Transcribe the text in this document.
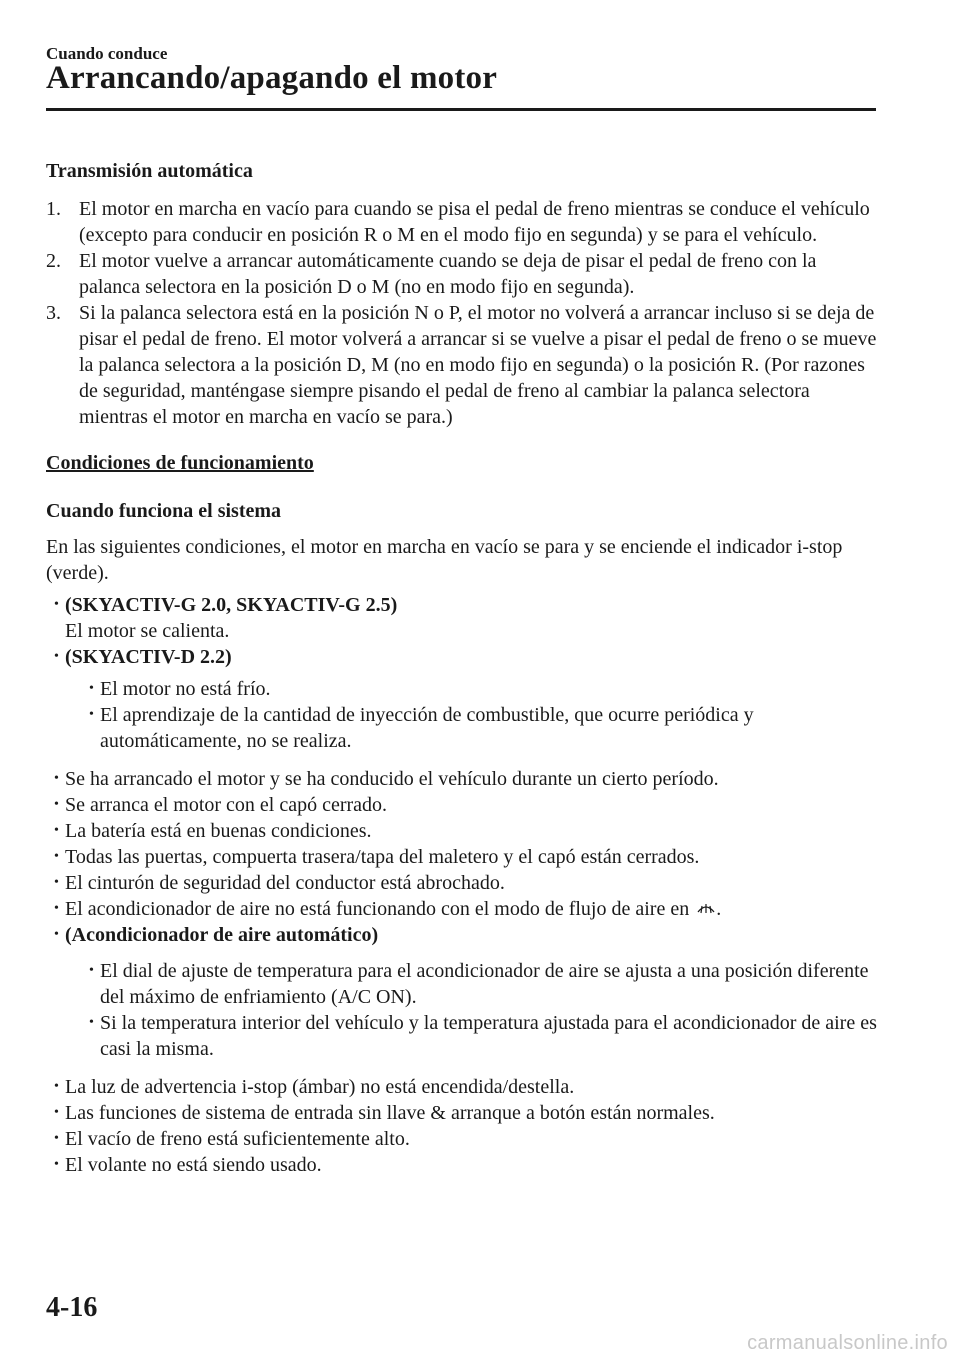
Cuando conduce
Arrancando/apagando el motor
Transmisión automática
1. El motor en marcha en vacío para cuando se pisa el pedal de freno mientras se conduce el vehículo (excepto para conducir en posición R o M en el modo fijo en segunda) y se para el vehículo.
2. El motor vuelve a arrancar automáticamente cuando se deja de pisar el pedal de freno con la palanca selectora en la posición D o M (no en modo fijo en segunda).
3. Si la palanca selectora está en la posición N o P, el motor no volverá a arrancar incluso si se deja de pisar el pedal de freno. El motor volverá a arrancar si se vuelve a pisar el pedal de freno o se mueve la palanca selectora a la posición D, M (no en modo fijo en segunda) o la posición R. (Por razones de seguridad, manténgase siempre pisando el pedal de freno al cambiar la palanca selectora mientras el motor en marcha en vacío se para.)
Condiciones de funcionamiento
Cuando funciona el sistema

En las siguientes condiciones, el motor en marcha en vacío se para y se enciende el indicador i-stop (verde).

• (SKYACTIV-G 2.0, SKYACTIV-G 2.5)
El motor se calienta.
• (SKYACTIV-D 2.2)
• El motor no está frío.
• El aprendizaje de la cantidad de inyección de combustible, que ocurre periódica y automáticamente, no se realiza.
• Se ha arrancado el motor y se ha conducido el vehículo durante un cierto período.
• Se arranca el motor con el capó cerrado.
• La batería está en buenas condiciones.
• Todas las puertas, compuerta trasera/tapa del maletero y el capó están cerrados.
• El cinturón de seguridad del conductor está abrochado.
• El acondicionador de aire no está funcionando con el modo de flujo de aire en .
• (Acondicionador de aire automático)
• El dial de ajuste de temperatura para el acondicionador de aire se ajusta a una posición diferente del máximo de enfriamiento (A/C ON).
• Si la temperatura interior del vehículo y la temperatura ajustada para el acondicionador de aire es casi la misma.
• La luz de advertencia i-stop (ámbar) no está encendida/destella.
• Las funciones de sistema de entrada sin llave & arranque a botón están normales.
• El vacío de freno está suficientemente alto.
• El volante no está siendo usado.
4-16
carmanualsonline.info
